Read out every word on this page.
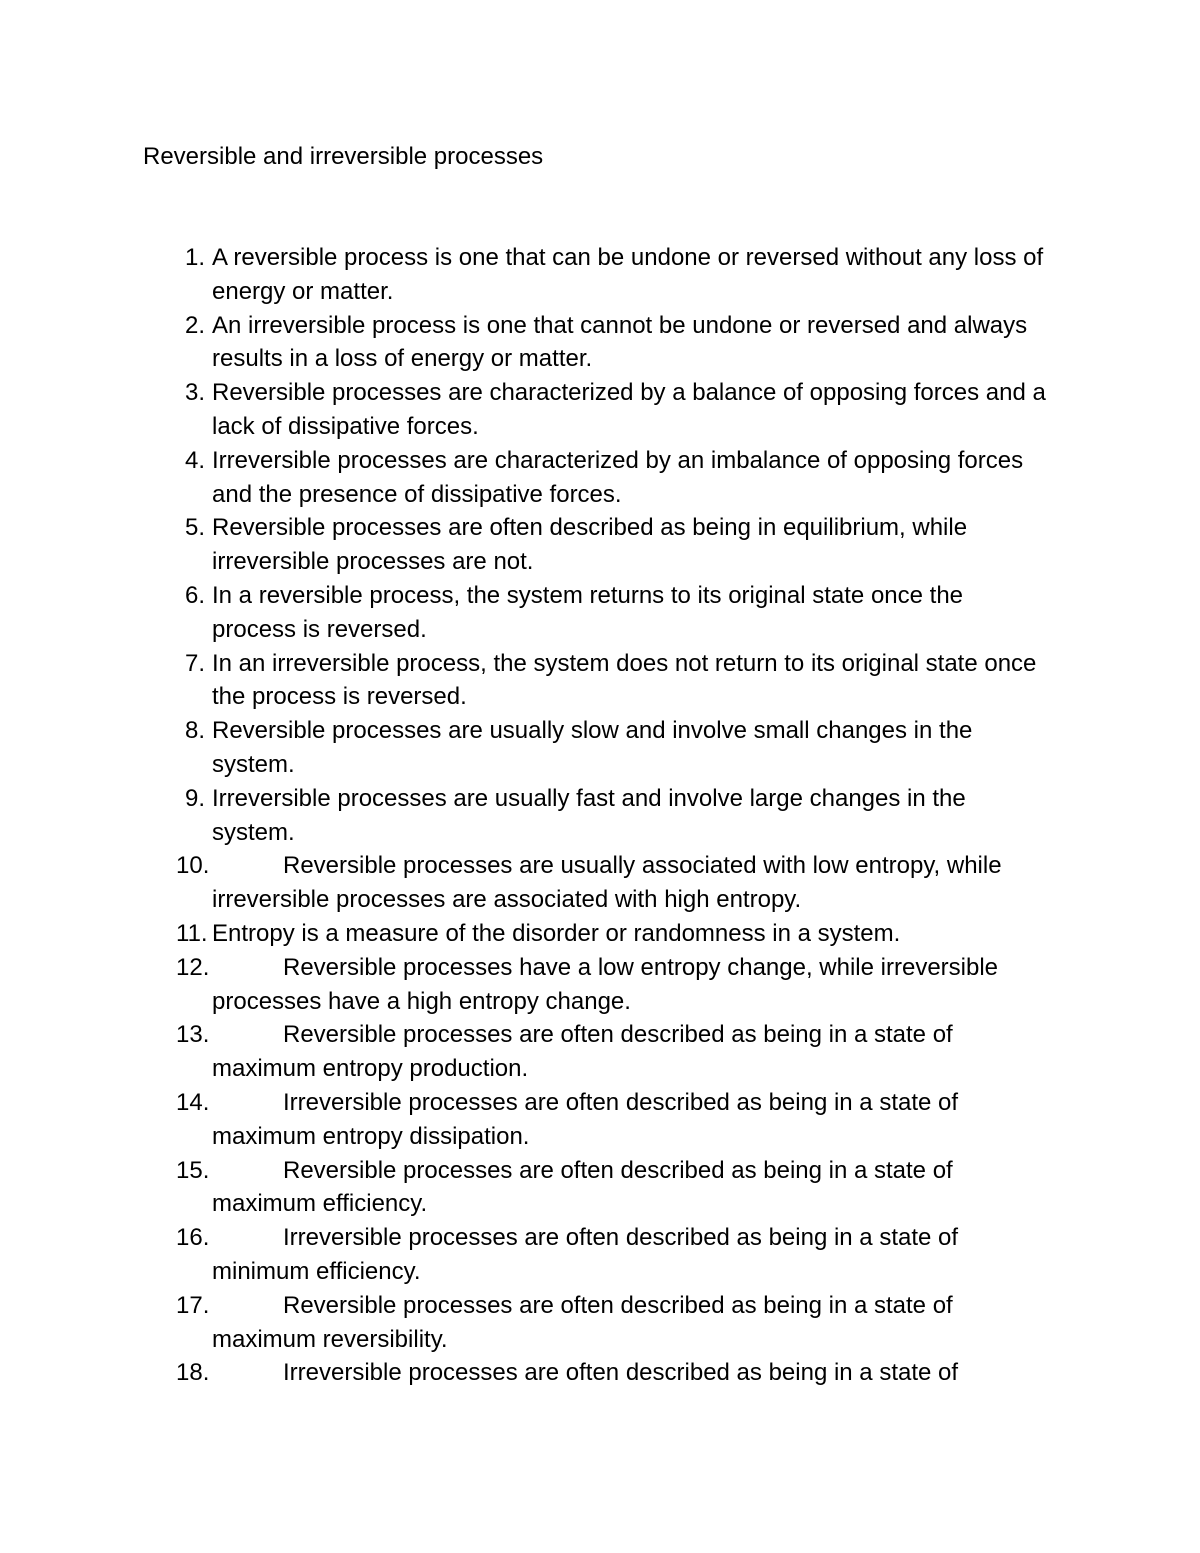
Reversible and irreversible processes
1. A reversible process is one that can be undone or reversed without any loss of energy or matter.
2. An irreversible process is one that cannot be undone or reversed and always results in a loss of energy or matter.
3. Reversible processes are characterized by a balance of opposing forces and a lack of dissipative forces.
4. Irreversible processes are characterized by an imbalance of opposing forces and the presence of dissipative forces.
5. Reversible processes are often described as being in equilibrium, while irreversible processes are not.
6. In a reversible process, the system returns to its original state once the process is reversed.
7. In an irreversible process, the system does not return to its original state once the process is reversed.
8. Reversible processes are usually slow and involve small changes in the system.
9. Irreversible processes are usually fast and involve large changes in the system.
10.	Reversible processes are usually associated with low entropy, while irreversible processes are associated with high entropy.
11. Entropy is a measure of the disorder or randomness in a system.
12.	Reversible processes have a low entropy change, while irreversible processes have a high entropy change.
13.	Reversible processes are often described as being in a state of maximum entropy production.
14.	Irreversible processes are often described as being in a state of maximum entropy dissipation.
15.	Reversible processes are often described as being in a state of maximum efficiency.
16.	Irreversible processes are often described as being in a state of minimum efficiency.
17.	Reversible processes are often described as being in a state of maximum reversibility.
18.	Irreversible processes are often described as being in a state of
